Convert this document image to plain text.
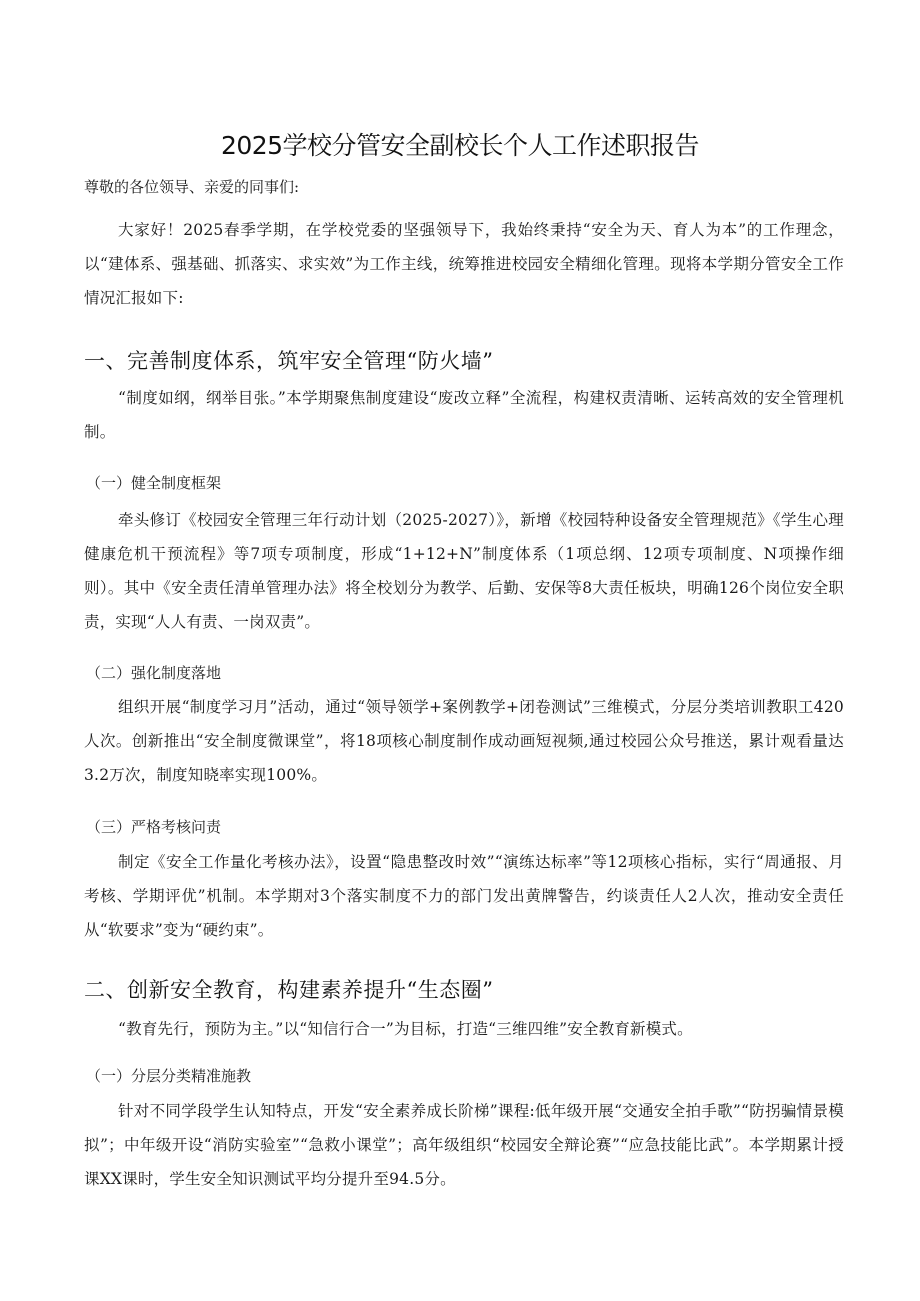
2025学校分管安全副校长个人工作述职报告
尊敬的各位领导、亲爱的同事们:
大家好！2025春季学期，在学校党委的坚强领导下，我始终秉持“安全为天、育人为本”的工作理念，以“建体系、强基础、抓落实、求实效”为工作主线，统筹推进校园安全精细化管理。现将本学期分管安全工作情况汇报如下:
一、完善制度体系，筑牢安全管理“防火墙”
“制度如纲，纲举目张。”本学期聚焦制度建设“废改立释”全流程，构建权责清晰、运转高效的安全管理机制。
（一）健全制度框架
牵头修订《校园安全管理三年行动计划（2025-2027）》，新增《校园特种设备安全管理规范》《学生心理健康危机干预流程》等7项专项制度，形成“1+12+N”制度体系（1项总纲、12项专项制度、N项操作细则）。其中《安全责任清单管理办法》将全校划分为教学、后勤、安保等8大责任板块，明确126个岗位安全职责，实现“人人有责、一岗双责”。
（二）强化制度落地
组织开展“制度学习月”活动，通过“领导领学+案例教学+闭卷测试”三维模式，分层分类培训教职工420人次。创新推出“安全制度微课堂”，将18项核心制度制作成动画短视频,通过校园公众号推送，累计观看量达3.2万次，制度知晓率实现100%。
（三）严格考核问责
制定《安全工作量化考核办法》，设置“隐患整改时效”“演练达标率”等12项核心指标，实行“周通报、月考核、学期评优”机制。本学期对3个落实制度不力的部门发出黄牌警告，约谈责任人2人次，推动安全责任从“软要求”变为“硬约束”。
二、创新安全教育，构建素养提升“生态圈”
“教育先行，预防为主。”以“知信行合一”为目标，打造“三维四维”安全教育新模式。
（一）分层分类精准施教
针对不同学段学生认知特点，开发“安全素养成长阶梯”课程:低年级开展“交通安全拍手歌”“防拐骗情景模拟”；中年级开设“消防实验室”“急救小课堂”；高年级组织“校园安全辩论赛”“应急技能比武”。本学期累计授课XX课时，学生安全知识测试平均分提升至94.5分。
